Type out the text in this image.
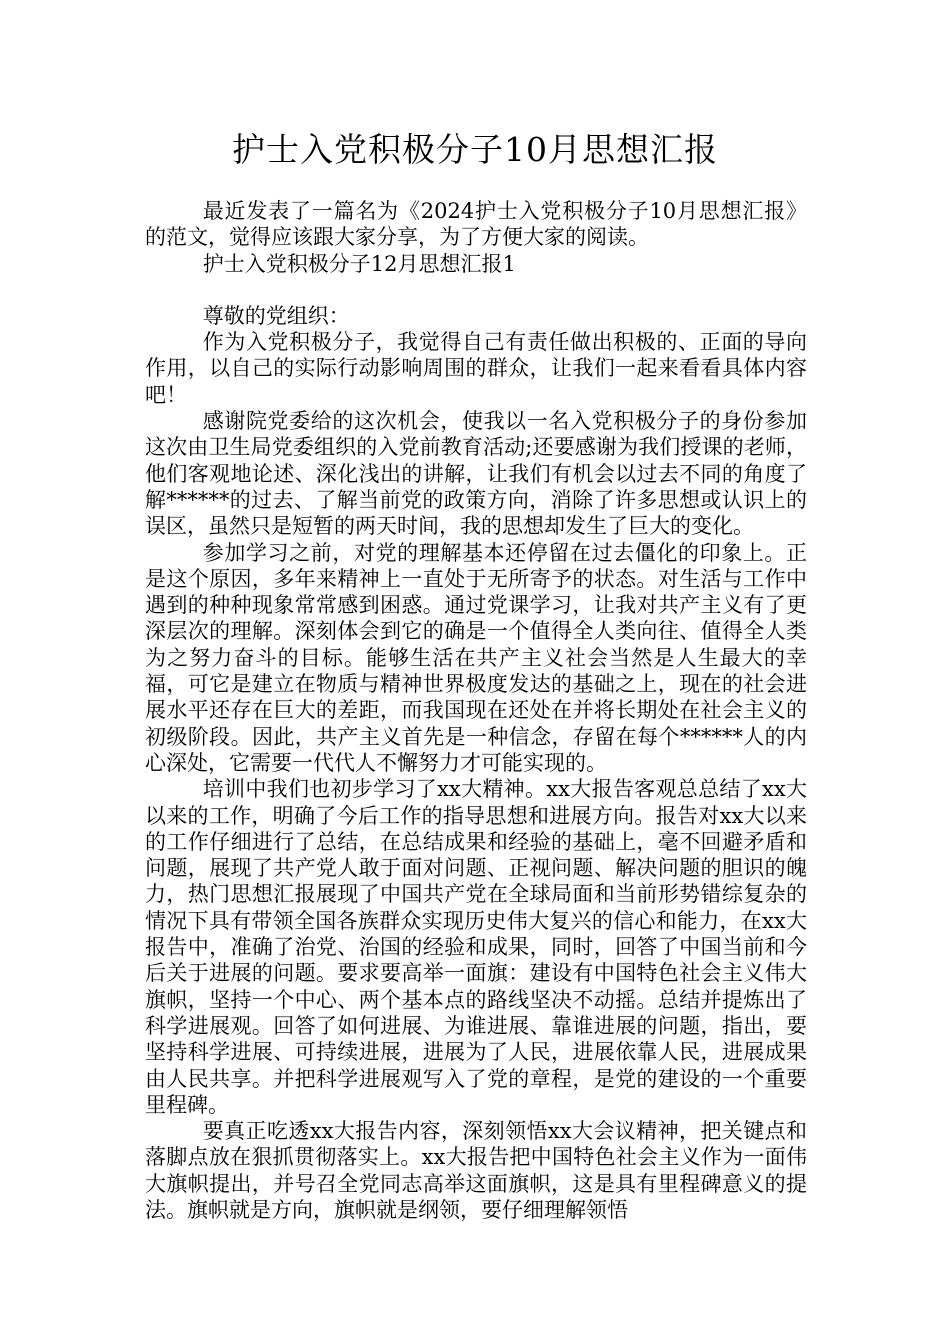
护士入党积极分子10月思想汇报

最近发表了一篇名为《2024护士入党积极分子10月思想汇报》的范文，觉得应该跟大家分享，为了方便大家的阅读。

护士入党积极分子12月思想汇报1

尊敬的党组织：

作为入党积极分子，我觉得自己有责任做出积极的、正面的导向作用，以自己的实际行动影响周围的群众，让我们一起来看看具体内容吧！

感谢院党委给的这次机会，使我以一名入党积极分子的身份参加这次由卫生局党委组织的入党前教育活动;还要感谢为我们授课的老师，他们客观地论述、深化浅出的讲解，让我们有机会以过去不同的角度了解******的过去、了解当前党的政策方向，消除了许多思想或认识上的误区，虽然只是短暂的两天时间，我的思想却发生了巨大的变化。

参加学习之前，对党的理解基本还停留在过去僵化的印象上。正是这个原因，多年来精神上一直处于无所寄予的状态。对生活与工作中遇到的种种现象常常感到困惑。通过党课学习，让我对共产主义有了更深层次的理解。深刻体会到它的确是一个值得全人类向往、值得全人类为之努力奋斗的目标。能够生活在共产主义社会当然是人生最大的幸福，可它是建立在物质与精神世界极度发达的基础之上，现在的社会进展水平还存在巨大的差距，而我国现在还处在并将长期处在社会主义的初级阶段。因此，共产主义首先是一种信念，存留在每个******人的内心深处，它需要一代代人不懈努力才可能实现的。

培训中我们也初步学习了xx大精神。xx大报告客观总总结了xx大以来的工作，明确了今后工作的指导思想和进展方向。报告对xx大以来的工作仔细进行了总结，在总结成果和经验的基础上，毫不回避矛盾和问题，展现了共产党人敢于面对问题、正视问题、解决问题的胆识的魄力，热门思想汇报展现了中国共产党在全球局面和当前形势错综复杂的情况下具有带领全国各族群众实现历史伟大复兴的信心和能力，在xx大报告中，准确了治党、治国的经验和成果，同时，回答了中国当前和今后关于进展的问题。要求要高举一面旗：建设有中国特色社会主义伟大旗帜，坚持一个中心、两个基本点的路线坚决不动摇。总结并提炼出了科学进展观。回答了如何进展、为谁进展、靠谁进展的问题，指出，要坚持科学进展、可持续进展，进展为了人民，进展依靠人民，进展成果由人民共享。并把科学进展观写入了党的章程，是党的建设的一个重要里程碑。

要真正吃透xx大报告内容，深刻领悟xx大会议精神，把关键点和落脚点放在狠抓贯彻落实上。xx大报告把中国特色社会主义作为一面伟大旗帜提出，并号召全党同志高举这面旗帜，这是具有里程碑意义的提法。旗帜就是方向，旗帜就是纲领，要仔细理解领悟
